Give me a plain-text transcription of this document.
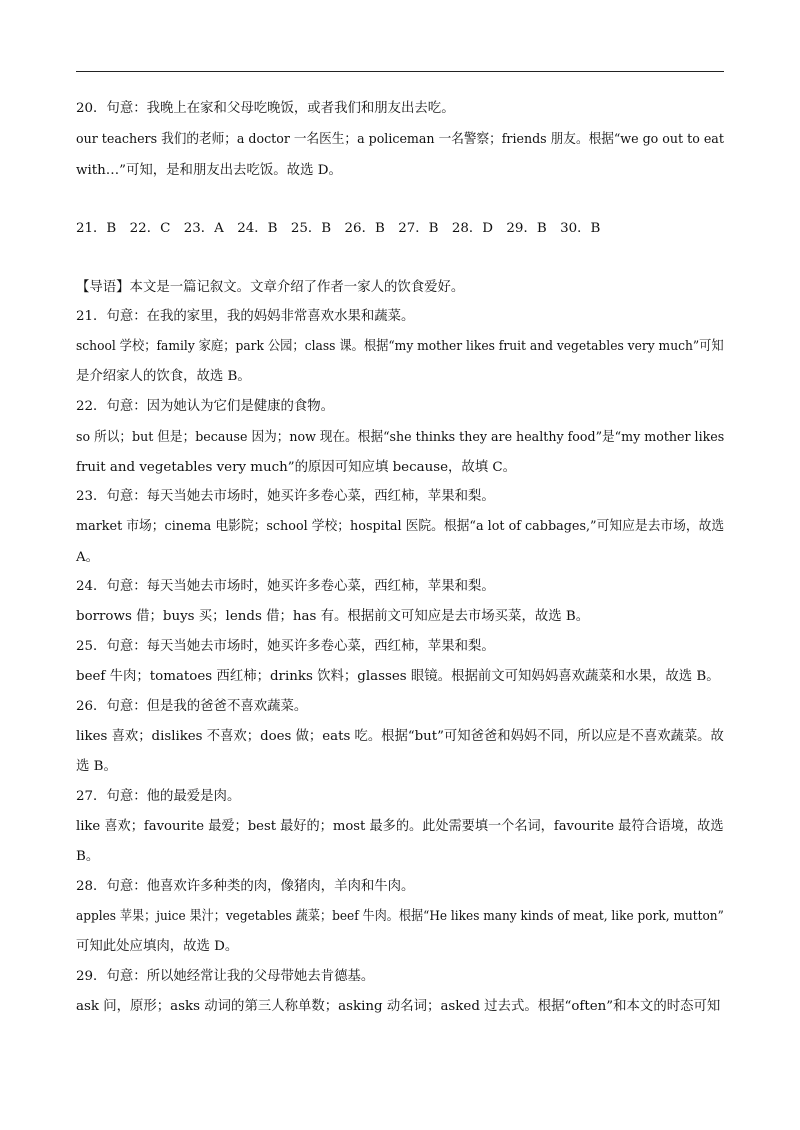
20．句意：我晚上在家和父母吃晚饭，或者我们和朋友出去吃。
our teachers 我们的老师；a doctor 一名医生；a policeman 一名警察；friends 朋友。根据“we go out to eat
with…”可知，是和朋友出去吃饭。故选 D。
21．B　22．C　23．A　24．B　25．B　26．B　27．B　28．D　29．B　30．B
【导语】本文是一篇记叙文。文章介绍了作者一家人的饮食爱好。
21．句意：在我的家里，我的妈妈非常喜欢水果和蔬菜。
school 学校；family 家庭；park 公园；class 课。根据“my mother likes fruit and vegetables very much”可知
是介绍家人的饮食，故选 B。
22．句意：因为她认为它们是健康的食物。
so 所以；but 但是；because 因为；now 现在。根据“she thinks they are healthy food”是“my mother likes
fruit and vegetables very much”的原因可知应填 because，故填 C。
23．句意：每天当她去市场时，她买许多卷心菜，西红柿，苹果和梨。
market 市场；cinema 电影院；school 学校；hospital 医院。根据“a lot of cabbages,”可知应是去市场，故选
A。
24．句意：每天当她去市场时，她买许多卷心菜，西红柿，苹果和梨。
borrows 借；buys 买；lends 借；has 有。根据前文可知应是去市场买菜，故选 B。
25．句意：每天当她去市场时，她买许多卷心菜，西红柿，苹果和梨。
beef 牛肉；tomatoes 西红柿；drinks 饮料；glasses 眼镜。根据前文可知妈妈喜欢蔬菜和水果，故选 B。
26．句意：但是我的爸爸不喜欢蔬菜。
likes 喜欢；dislikes 不喜欢；does 做；eats 吃。根据“but”可知爸爸和妈妈不同，所以应是不喜欢蔬菜。故
选 B。
27．句意：他的最爱是肉。
like 喜欢；favourite 最爱；best 最好的；most 最多的。此处需要填一个名词，favourite 最符合语境，故选
B。
28．句意：他喜欢许多种类的肉，像猪肉，羊肉和牛肉。
apples 苹果；juice 果汁；vegetables 蔬菜；beef 牛肉。根据“He likes many kinds of meat, like pork, mutton”
可知此处应填肉，故选 D。
29．句意：所以她经常让我的父母带她去肯德基。
ask 问，原形；asks 动词的第三人称单数；asking 动名词；asked 过去式。根据“often”和本文的时态可知
